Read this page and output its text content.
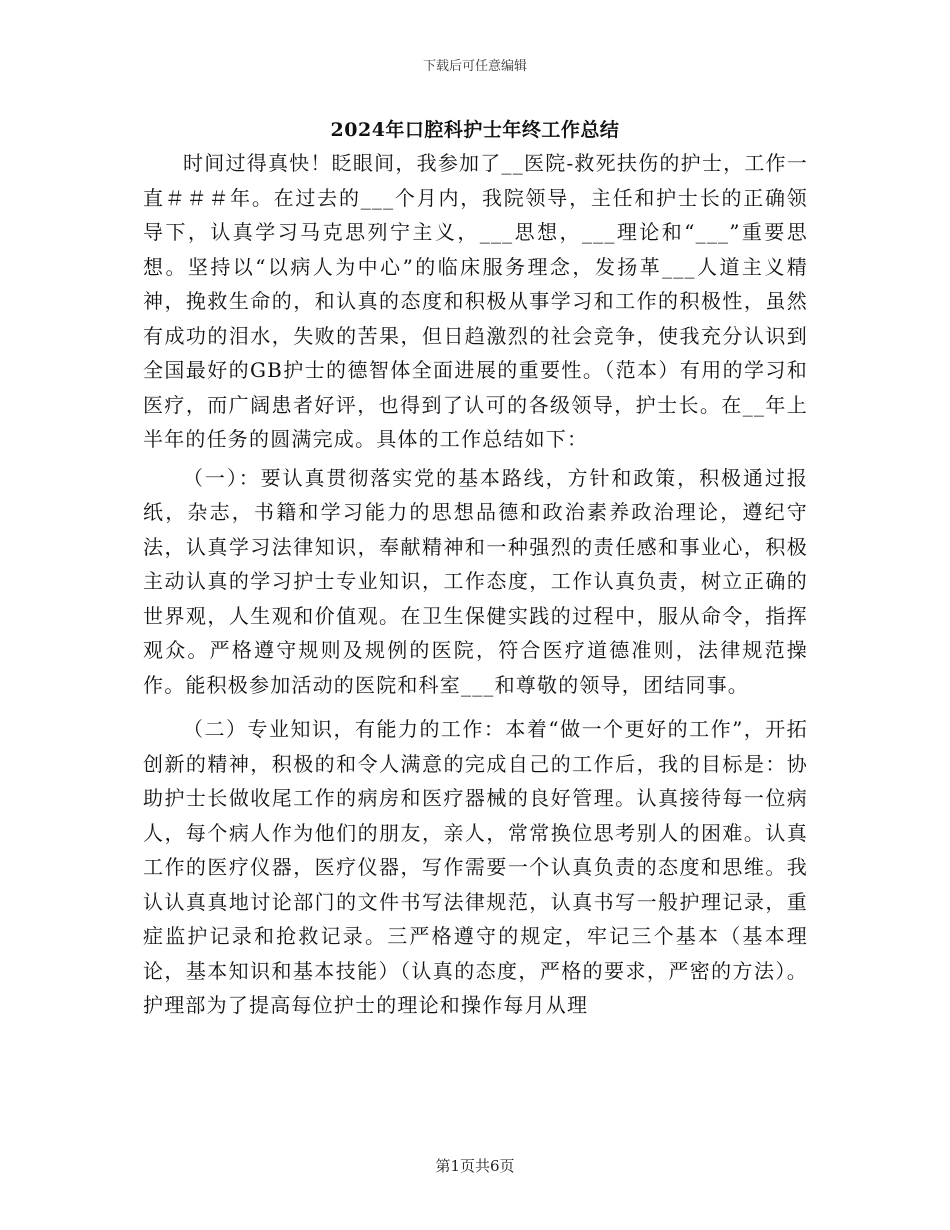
下载后可任意编辑
2024年口腔科护士年终工作总结

时间过得真快！眨眼间，我参加了__医院-救死扶伤的护士，工作一直＃＃＃年。在过去的___个月内，我院领导，主任和护士长的正确领导下，认真学习马克思列宁主义，___思想，___理论和“___”重要思想。坚持以“以病人为中心”的临床服务理念，发扬革___人道主义精神，挽救生命的，和认真的态度和积极从事学习和工作的积极性，虽然有成功的泪水，失败的苦果，但日趋激烈的社会竞争，使我充分认识到全国最好的GB护士的德智体全面进展的重要性。（范本）有用的学习和医疗，而广阔患者好评，也得到了认可的各级领导，护士长。在__年上半年的任务的圆满完成。具体的工作总结如下：

（一）：要认真贯彻落实党的基本路线，方针和政策，积极通过报纸，杂志，书籍和学习能力的思想品德和政治素养政治理论，遵纪守法，认真学习法律知识，奉献精神和一种强烈的责任感和事业心，积极主动认真的学习护士专业知识，工作态度，工作认真负责，树立正确的世界观，人生观和价值观。在卫生保健实践的过程中，服从命令，指挥观众。严格遵守规则及规例的医院，符合医疗道德准则，法律规范操作。能积极参加活动的医院和科室___和尊敬的领导，团结同事。

（二）专业知识，有能力的工作：本着“做一个更好的工作”，开拓创新的精神，积极的和令人满意的完成自己的工作后，我的目标是：协助护士长做收尾工作的病房和医疗器械的良好管理。认真接待每一位病人，每个病人作为他们的朋友，亲人，常常换位思考别人的困难。认真工作的医疗仪器，医疗仪器，写作需要一个认真负责的态度和思维。我认认真真地讨论部门的文件书写法律规范，认真书写一般护理记录，重症监护记录和抢救记录。三严格遵守的规定，牢记三个基本（基本理论，基本知识和基本技能）（认真的态度，严格的要求，严密的方法）。护理部为了提高每位护士的理论和操作每月从理

第1页共6页
